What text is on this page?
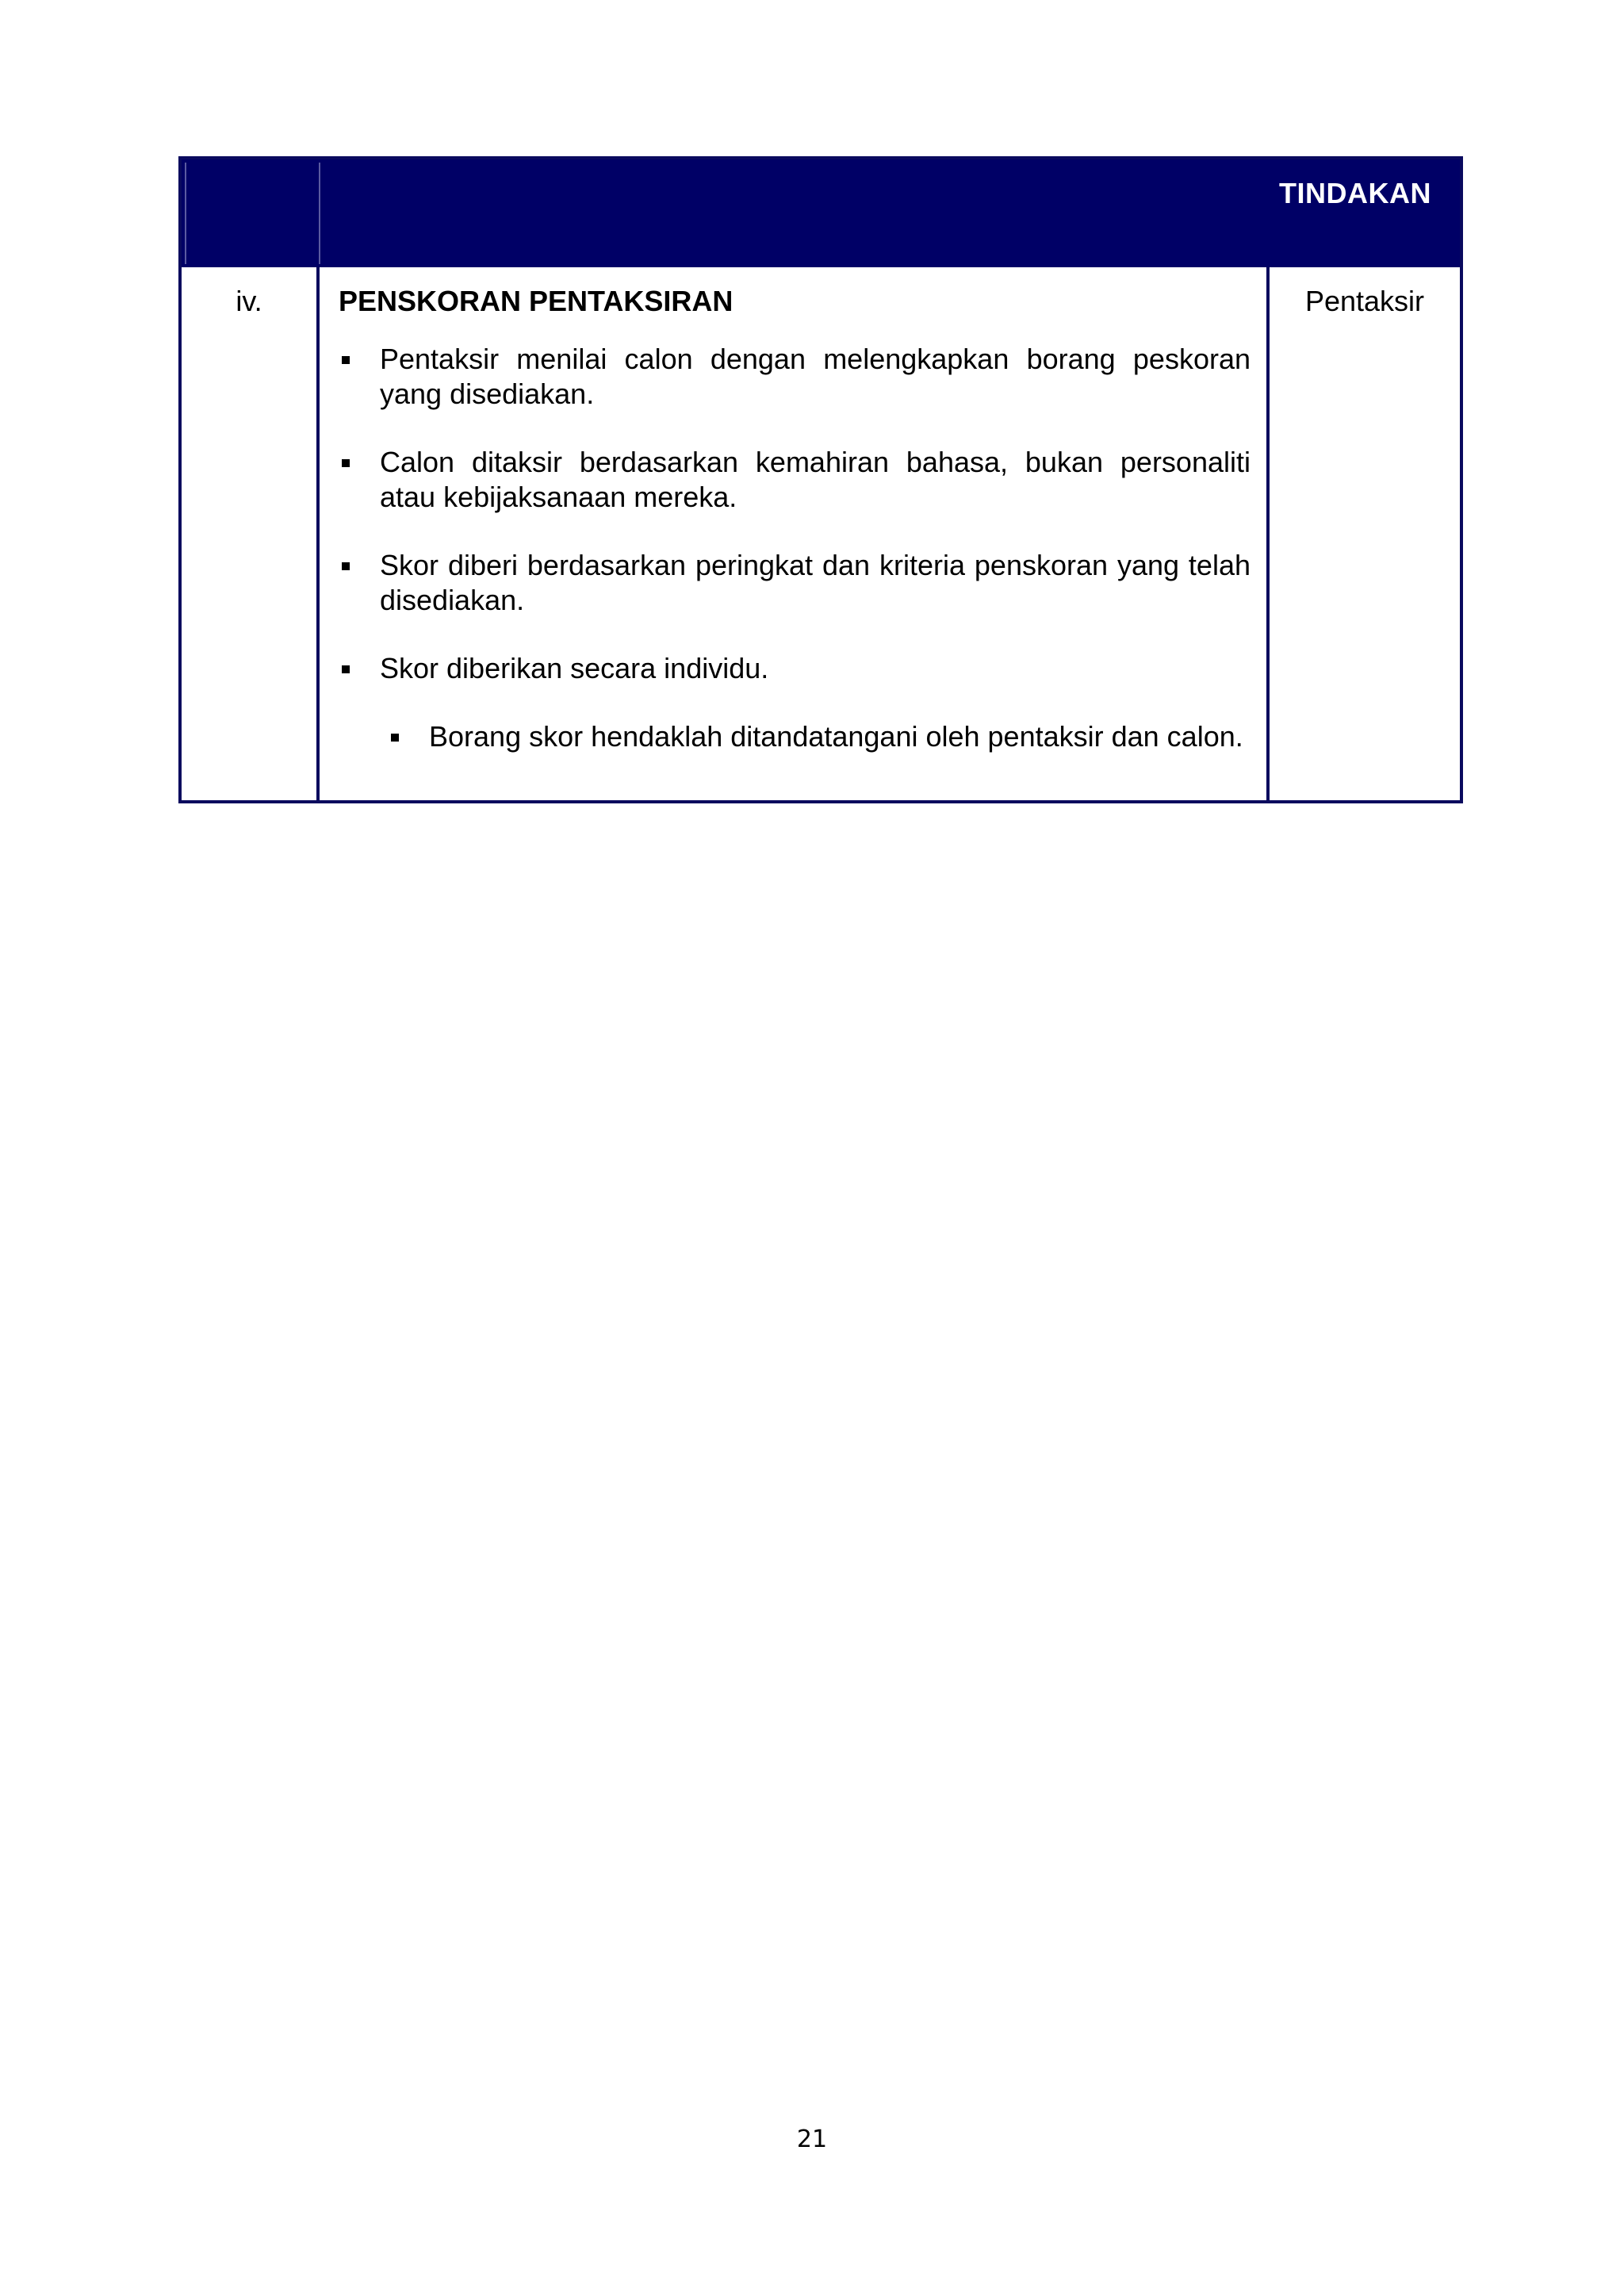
TINDAKAN
iv.	PENSKORAN PENTAKSIRAN
Pentaksir menilai calon dengan melengkapkan borang peskoran yang disediakan.
Calon ditaksir berdasarkan kemahiran bahasa, bukan personaliti atau kebijaksanaan mereka.
Skor diberi berdasarkan peringkat dan kriteria penskoran yang telah disediakan.
Skor diberikan secara individu.
Borang skor hendaklah ditandatangani oleh pentaksir dan calon.
Pentaksir
21
